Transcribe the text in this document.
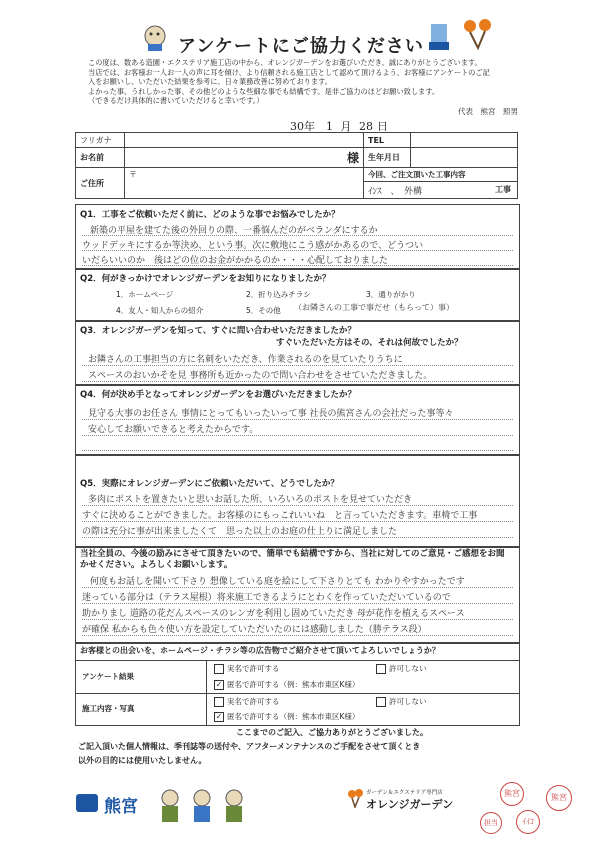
アンケートにご協力ください
この度は、数ある造園・エクステリア施工店の中から、オレンジガーデンをお選びいただき、誠にありがとうございます。
当店では、お客様お一人お一人の声に耳を傾け、より信頼される施工店として認めて頂けるよう、お客様にアンケートのご記
入をお願いし、いただいた結果を参考に、日々業務改善に努めております。
よかった事、うれしかった事、その他どのような些細な事でも結構です。是非ご協力のほどお願い致します。
（できるだけ具体的に書いていただけると幸いです。）
代表　熊宮　照男
30年 1 月 28 日
フリガナ		TEL	
お名前	様	生年月日	
ご住所	〒	今回、ご注文頂いた工事内容	
		ｲﾝｽ　、　外構 工事	
Q1．工事をご依頼いただく前に、どのような事でお悩みでしたか？
新築の平屋を建てた後の外回りの際、一番悩んだのがベランダにするか
ウッドデッキにするか等決め、という事。次に敷地にこう感がかあるので、どうつい
いだらいいのか　後はどの位のお金がかかるのか・・・心配しておりました
Q2．何がきっかけでオレンジガーデンをお知りになりましたか？
1．ホームページ	2．折り込みチラシ	3．通りがかり
4．友人・知人からの紹介	5．その他 （お隣さんの工事で事だせ（もらって）事）
Q3．オレンジガーデンを知って、すぐに問い合わせいただきましたか？
すぐいただいた方はその、それは何故でしたか？
お隣さんの工事担当の方に名刺をいただき、作業されるのを見ていたりうちに
スペースのおいかそを見 事務所も近かったので問い合わせをさせていただきました。
Q4．何が決め手となってオレンジガーデンをお選びいただきましたか？
見守る大事のお任さん 事情にとってもいったいって事 社長の熊宮さんの会社だった事等々
安心してお願いできると考えたからです。
Q5．実際にオレンジガーデンにご依頼いただいて、どうでしたか？
多肉にポストを置きたいと思いお話した所、いろいろのポストを見せていただき
すぐに決めることができました。お客様のにもっこれいいね　と言っていただきます。車椅で工事
の際は充分に事が出来ましたくて　思った以上のお庭の仕上りに満足しました
当社全員の、今後の励みにさせて頂きたいので、簡単でも結構ですから、当社に対してのご意見・ご感想をお聞かせください。よろしくお願いします。
何度もお話しを聞いて下さり 想像している庭を絵にして下さりとても わかりやすかったです
迷っている部分は（テラス屋根）将来施工できるようにとわくを作っていただいているので
助かりまし 道路の花だんスペースのレンガを利用し固めていただき 母が花作を植えるスペース
が確保 私からも色々使い方を設定していただいたのには感動しました（勝テラス段）
お客様との出会いを、ホームページ・チラシ等の広告物でご紹介させて頂いてよろしいでしょうか？
アンケート結果
実名で許可する	許可しない
✓ 匿名で許可する（例：熊本市東区K様）
施工内容・写真
実名で許可する	許可しない
✓ 匿名で許可する（例：熊本市東区K様）
ここまでのご記入、ご協力ありがとうございました。
ご記入頂いた個人情報は、季刊誌等の送付や、アフターメンテナンスのご手配をさせて頂くとき
以外の目的には使用いたしません。
熊宮
ガーデン＆エクステリア専門店
オレンジガーデン
熊宮	熊宮
担当	ｲｲｺ
